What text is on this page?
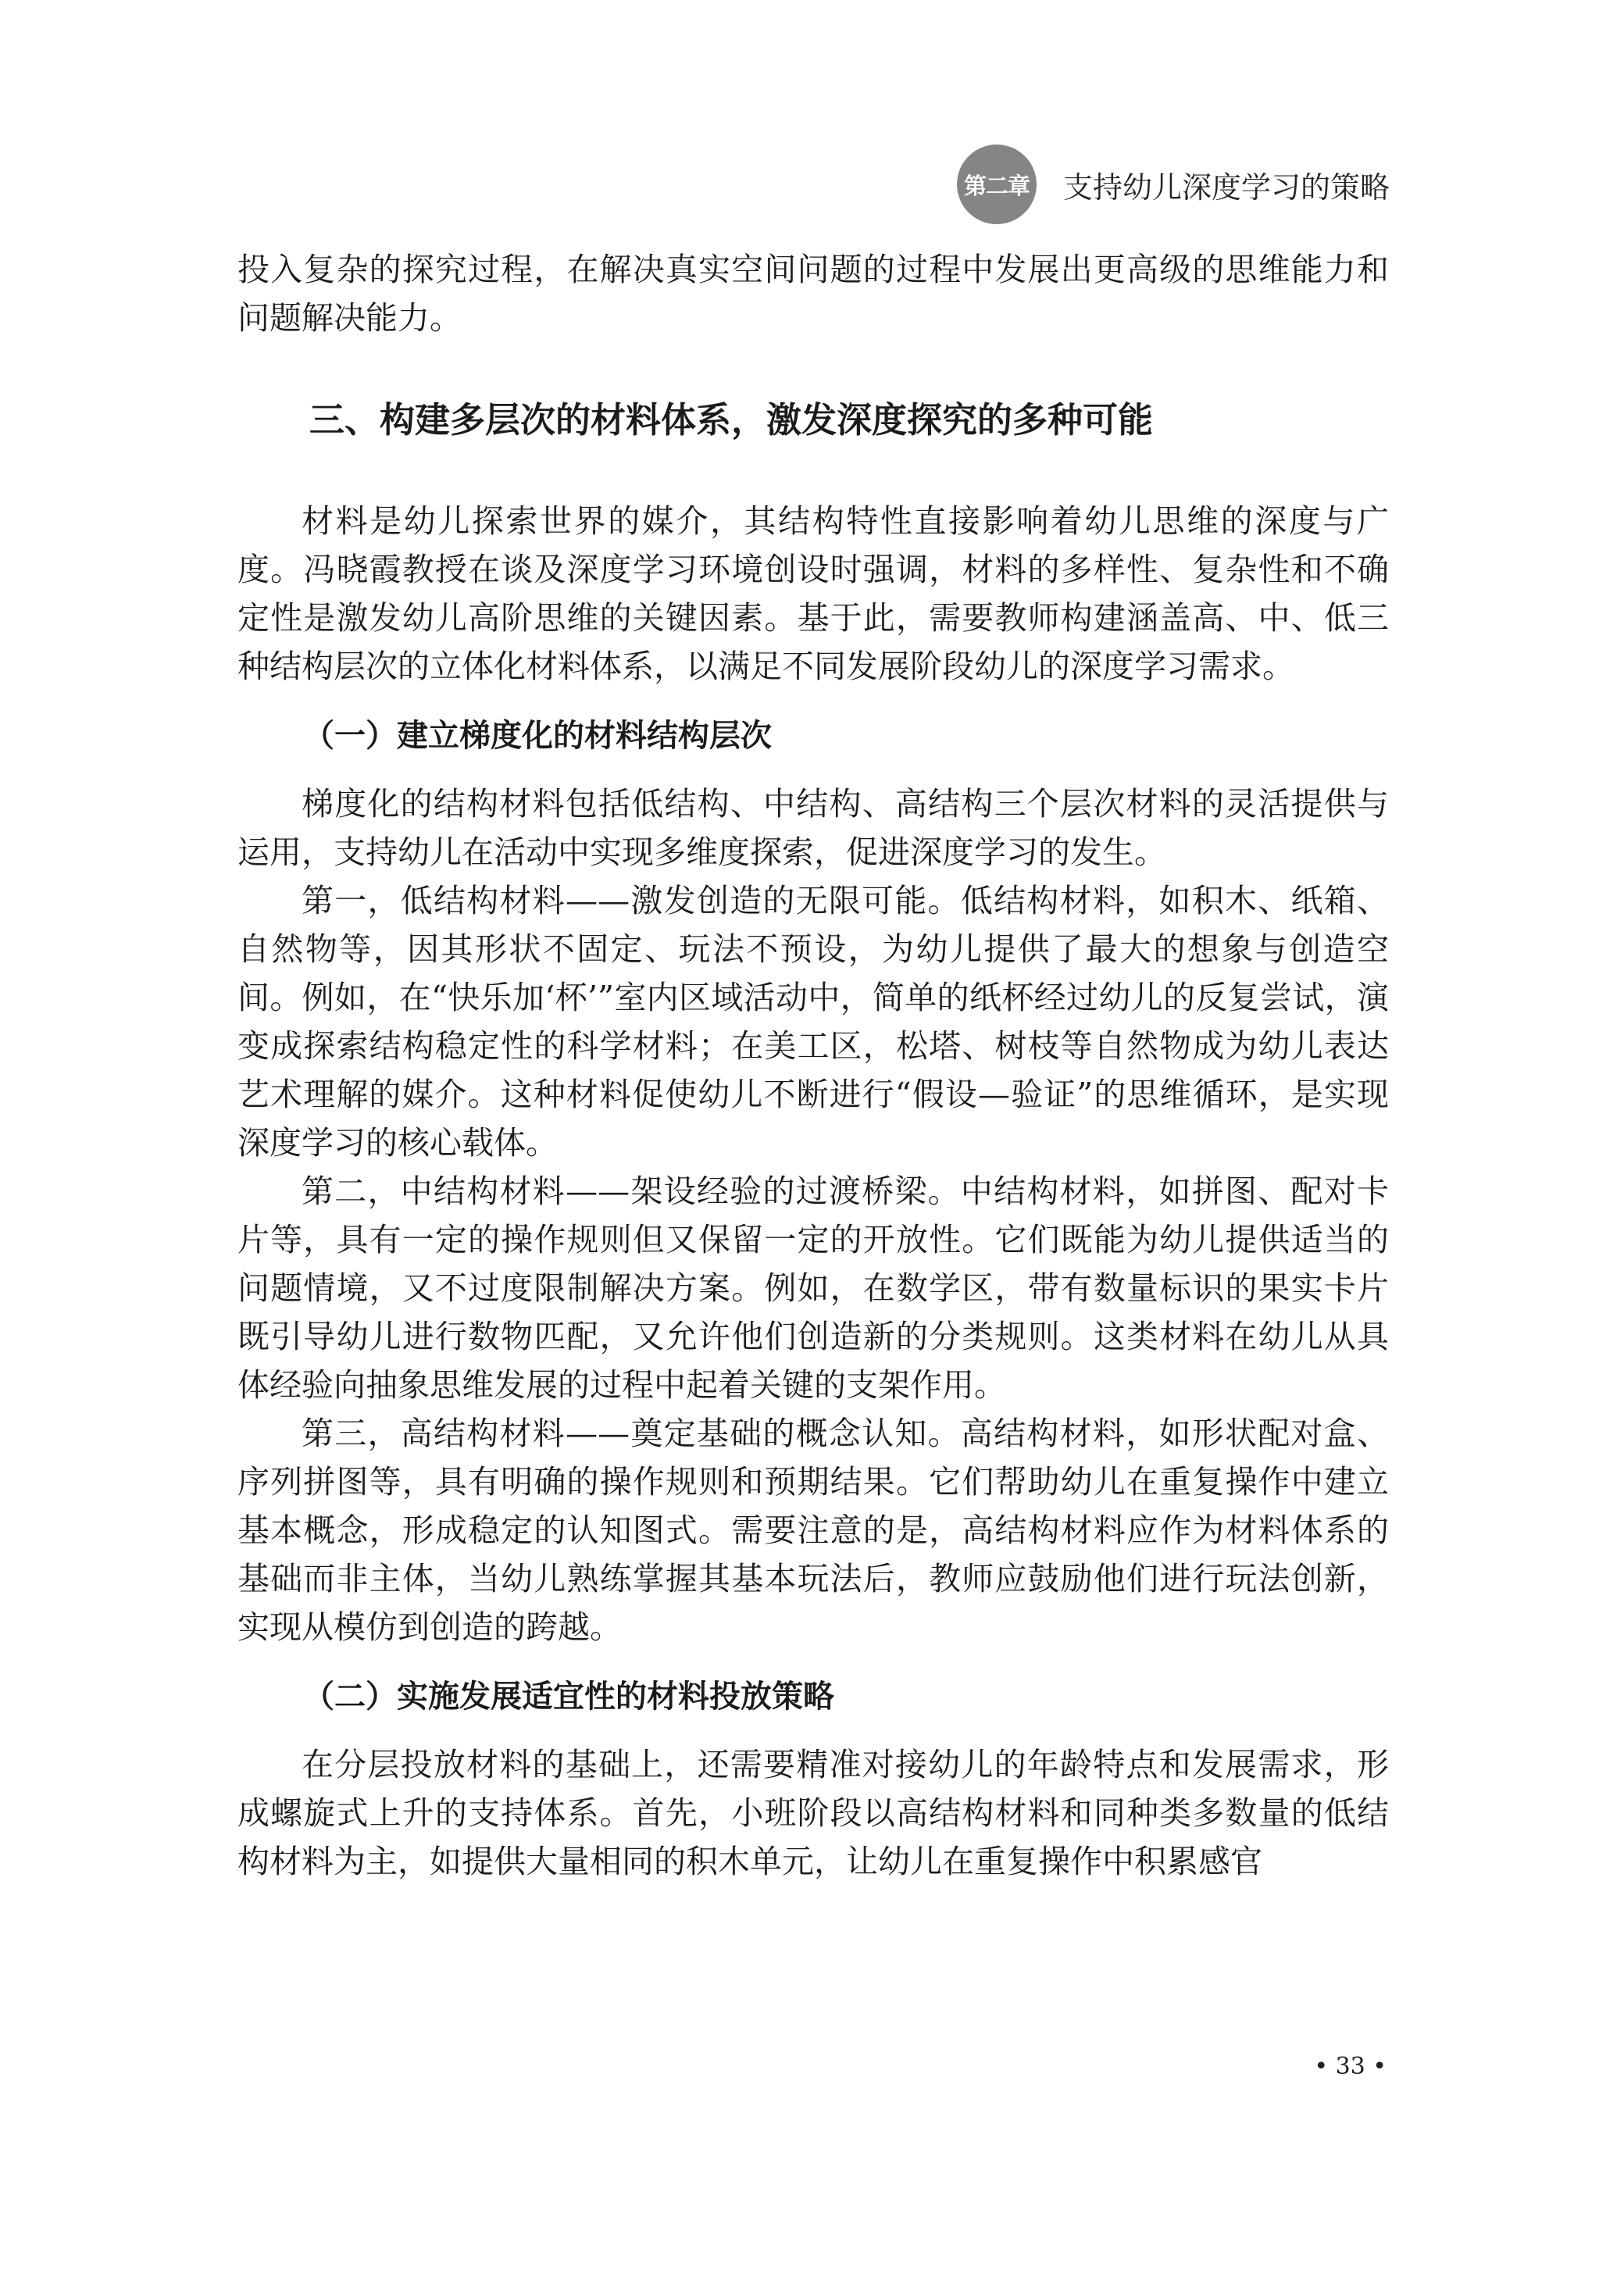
第二章 支持幼儿深度学习的策略

投入复杂的探究过程，在解决真实空间问题的过程中发展出更高级的思维能力和问题解决能力。

三、构建多层次的材料体系，激发深度探究的多种可能

材料是幼儿探索世界的媒介，其结构特性直接影响着幼儿思维的深度与广度。冯晓霞教授在谈及深度学习环境创设时强调，材料的多样性、复杂性和不确定性是激发幼儿高阶思维的关键因素。基于此，需要教师构建涵盖高、中、低三种结构层次的立体化材料体系，以满足不同发展阶段幼儿的深度学习需求。

（一）建立梯度化的材料结构层次

梯度化的结构材料包括低结构、中结构、高结构三个层次材料的灵活提供与运用，支持幼儿在活动中实现多维度探索，促进深度学习的发生。

第一，低结构材料——激发创造的无限可能。低结构材料，如积木、纸箱、自然物等，因其形状不固定、玩法不预设，为幼儿提供了最大的想象与创造空间。例如，在“快乐加‘杯’”室内区域活动中，简单的纸杯经过幼儿的反复尝试，演变成探索结构稳定性的科学材料；在美工区，松塔、树枝等自然物成为幼儿表达艺术理解的媒介。这种材料促使幼儿不断进行“假设—验证”的思维循环，是实现深度学习的核心载体。

第二，中结构材料——架设经验的过渡桥梁。中结构材料，如拼图、配对卡片等，具有一定的操作规则但又保留一定的开放性。它们既能为幼儿提供适当的问题情境，又不过度限制解决方案。例如，在数学区，带有数量标识的果实卡片既引导幼儿进行数物匹配，又允许他们创造新的分类规则。这类材料在幼儿从具体经验向抽象思维发展的过程中起着关键的支架作用。

第三，高结构材料——奠定基础的概念认知。高结构材料，如形状配对盒、序列拼图等，具有明确的操作规则和预期结果。它们帮助幼儿在重复操作中建立基本概念，形成稳定的认知图式。需要注意的是，高结构材料应作为材料体系的基础而非主体，当幼儿熟练掌握其基本玩法后，教师应鼓励他们进行玩法创新，实现从模仿到创造的跨越。

（二）实施发展适宜性的材料投放策略

在分层投放材料的基础上，还需要精准对接幼儿的年龄特点和发展需求，形成螺旋式上升的支持体系。首先，小班阶段以高结构材料和同种类多数量的低结构材料为主，如提供大量相同的积木单元，让幼儿在重复操作中积累感官

• 33 •
